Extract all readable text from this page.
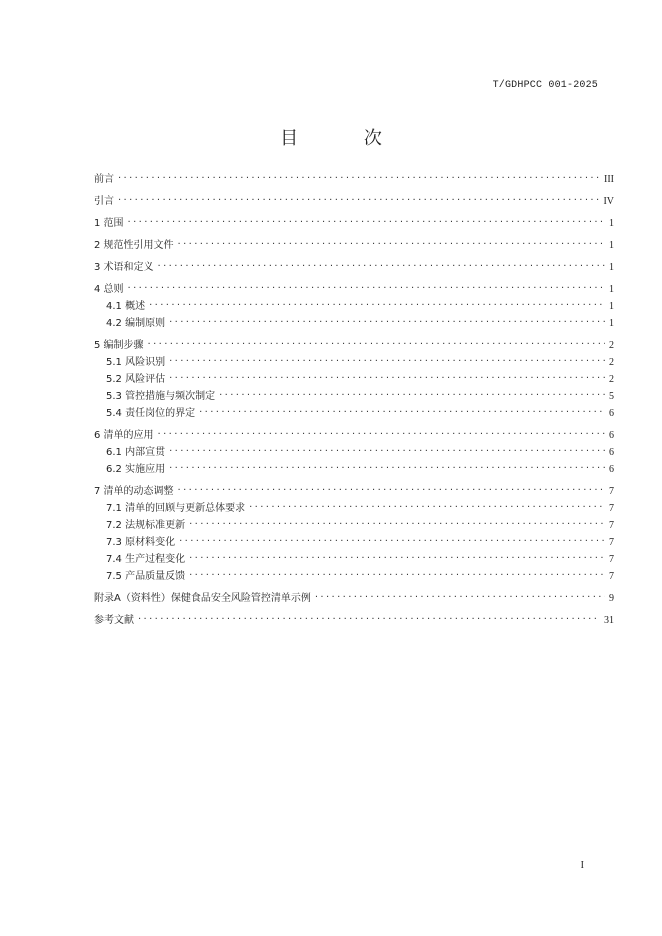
T/GDHPCC 001-2025
目 次
前言 . . .	III
引言 . . .	IV
1 范围 . . .	1
2 规范性引用文件 . . .	1
3 术语和定义 . . .	1
4 总则 . . .	1
4.1 概述 . . .	1
4.2 编制原则 . . .	1
5 编制步骤 . . .	2
5.1 风险识别 . . .	2
5.2 风险评估 . . .	2
5.3 管控措施与频次制定 . . .	5
5.4 责任岗位的界定 . . .	6
6 清单的应用 . . .	6
6.1 内部宣贯 . . .	6
6.2 实施应用 . . .	6
7 清单的动态调整 . . .	7
7.1 清单的回顾与更新总体要求 . . .	7
7.2 法规标准更新 . . .	7
7.3 原材料变化 . . .	7
7.4 生产过程变化 . . .	7
7.5 产品质量反馈 . . .	7
附录A（资料性）保健食品安全风险管控清单示例 . . .	9
参考文献 . . .	31
I
